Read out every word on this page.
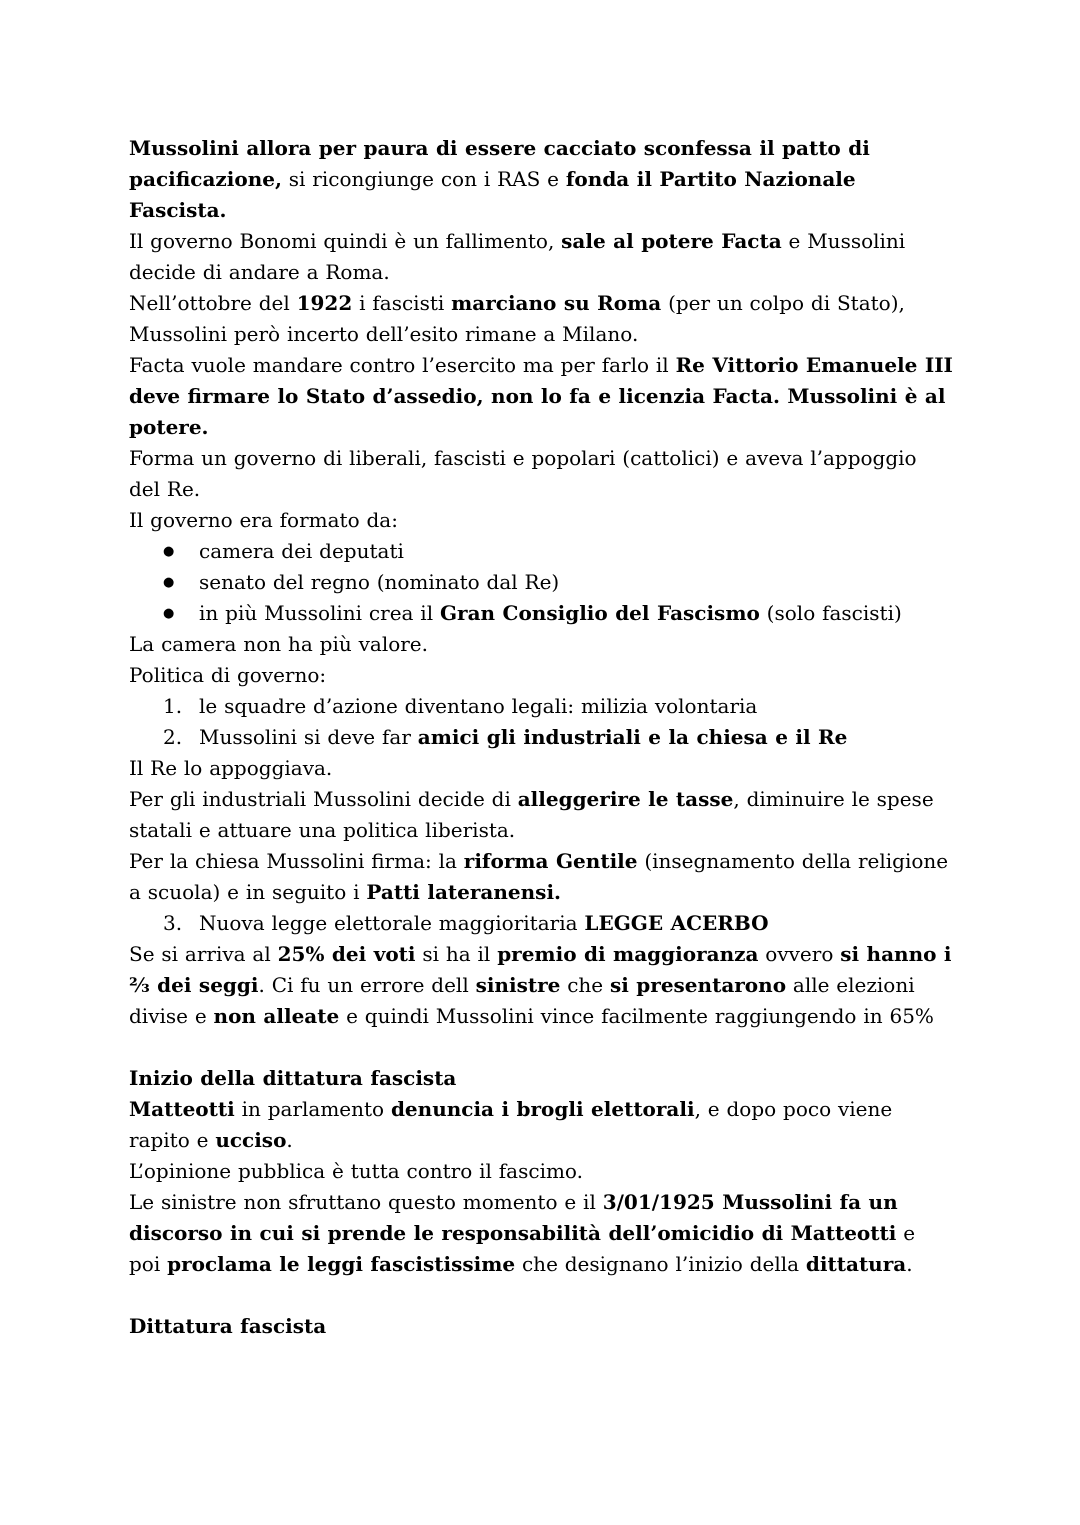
Mussolini allora per paura di essere cacciato sconfessa il patto di pacificazione, si ricongiunge con i RAS e fonda il Partito Nazionale Fascista.

Il governo Bonomi quindi è un fallimento, sale al potere Facta e Mussolini decide di andare a Roma.

Nell’ottobre del 1922 i fascisti marciano su Roma (per un colpo di Stato), Mussolini però incerto dell’esito rimane a Milano.

Facta vuole mandare contro l’esercito ma per farlo il Re Vittorio Emanuele III deve firmare lo Stato d’assedio, non lo fa e licenzia Facta. Mussolini è al potere.

Forma un governo di liberali, fascisti e popolari (cattolici) e aveva l’appoggio del Re.

Il governo era formato da:

● camera dei deputati

● senato del regno (nominato dal Re)

● in più Mussolini crea il Gran Consiglio del Fascismo (solo fascisti)

La camera non ha più valore.

Politica di governo:

1. le squadre d’azione diventano legali: milizia volontaria

2. Mussolini si deve far amici gli industriali e la chiesa e il Re

Il Re lo appoggiava.

Per gli industriali Mussolini decide di alleggerire le tasse, diminuire le spese statali e attuare una politica liberista.

Per la chiesa Mussolini firma: la riforma Gentile (insegnamento della religione a scuola) e in seguito i Patti lateranensi.

3. Nuova legge elettorale maggioritaria LEGGE ACERBO

Se si arriva al 25% dei voti si ha il premio di maggioranza ovvero si hanno i ⅔ dei seggi. Ci fu un errore dell sinistre che si presentarono alle elezioni divise e non alleate e quindi Mussolini vince facilmente raggiungendo in 65%

Inizio della dittatura fascista

Matteotti in parlamento denuncia i brogli elettorali, e dopo poco viene rapito e ucciso.

L’opinione pubblica è tutta contro il fascimo.

Le sinistre non sfruttano questo momento e il 3/01/1925 Mussolini fa un discorso in cui si prende le responsabilità dell’omicidio di Matteotti e poi proclama le leggi fascistissime che designano l’inizio della dittatura.

Dittatura fascista
